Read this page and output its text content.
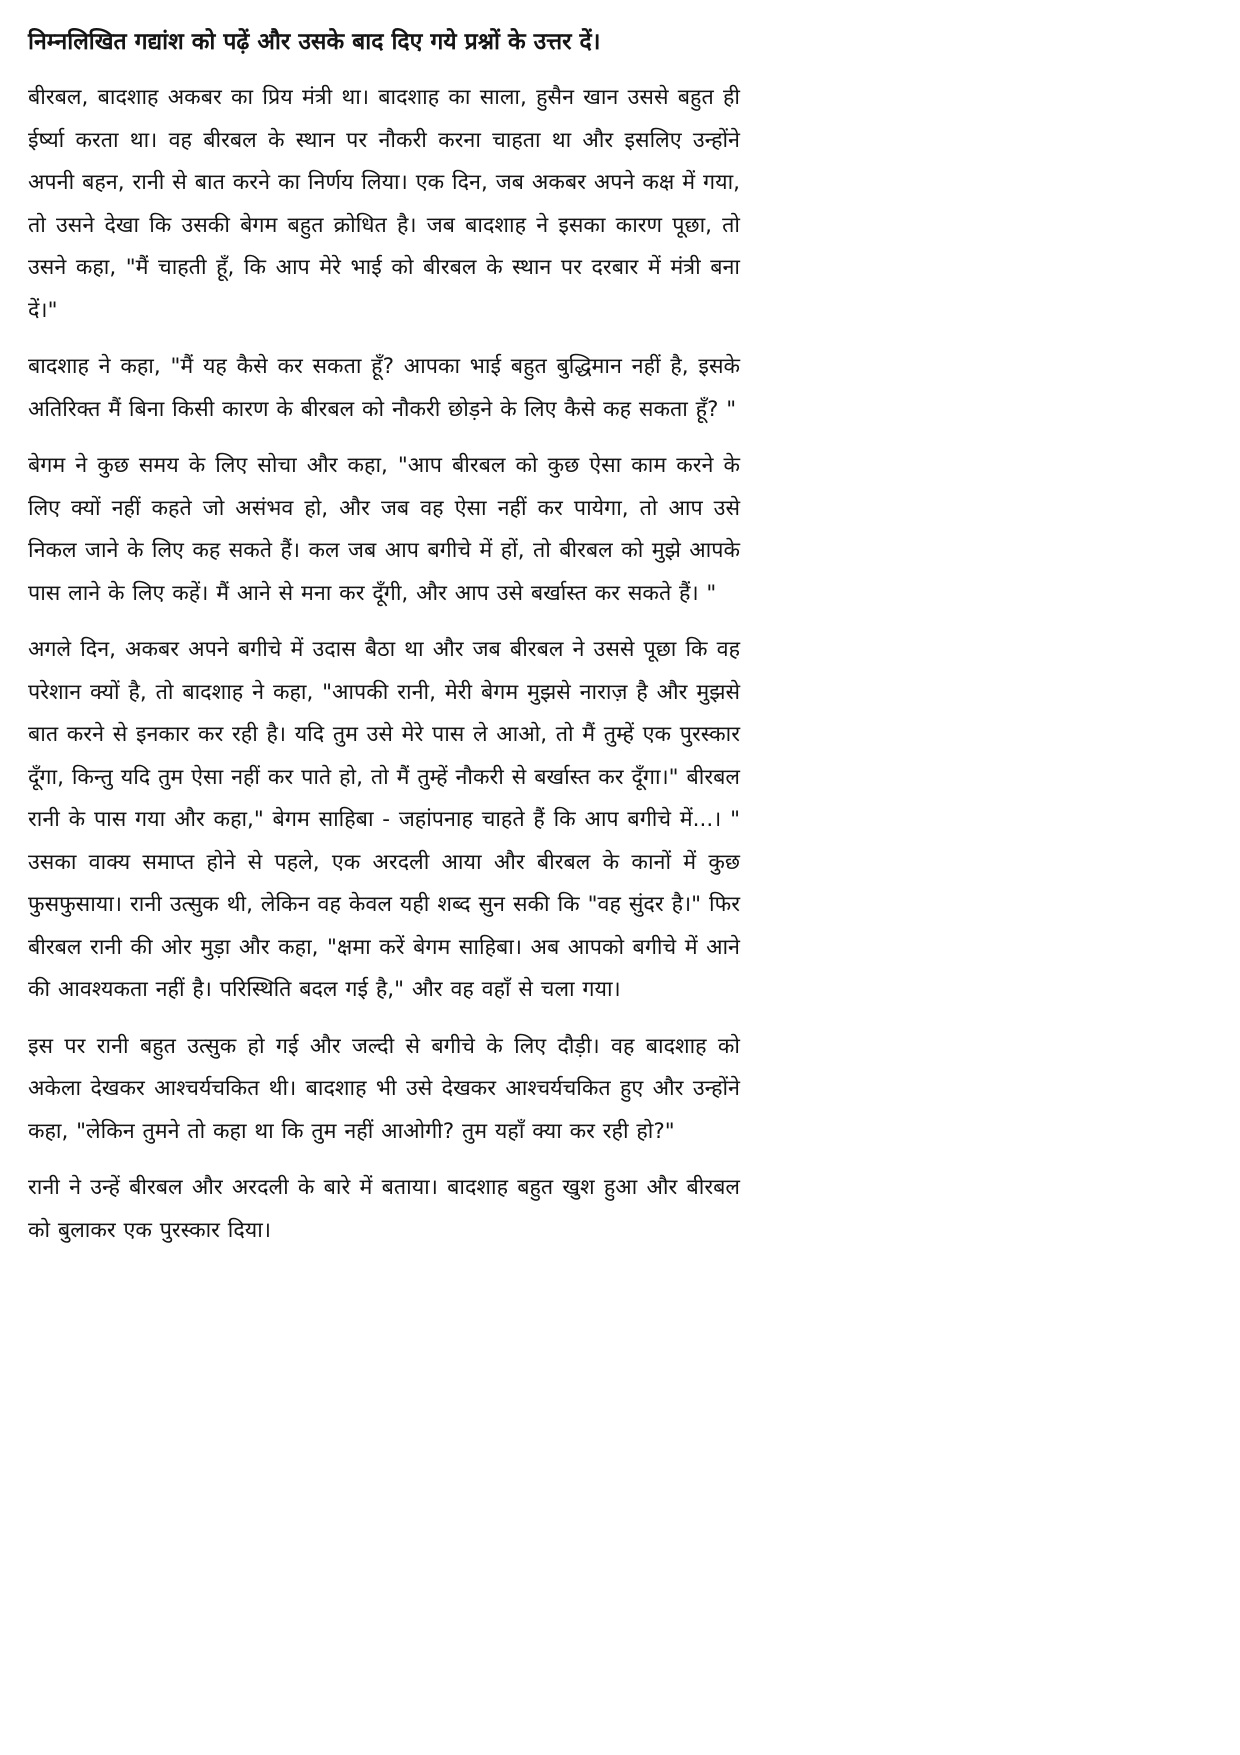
निम्नलिखित गद्यांश को पढ़ें और उसके बाद दिए गये प्रश्नों के उत्तर दें।

बीरबल, बादशाह अकबर का प्रिय मंत्री था। बादशाह का साला, हुसैन खान उससे बहुत ही ईर्ष्या करता था। वह बीरबल के स्थान पर नौकरी करना चाहता था और इसलिए उन्होंने अपनी बहन, रानी से बात करने का निर्णय लिया। एक दिन, जब अकबर अपने कक्ष में गया, तो उसने देखा कि उसकी बेगम बहुत क्रोधित है। जब बादशाह ने इसका कारण पूछा, तो उसने कहा, "मैं चाहती हूँ, कि आप मेरे भाई को बीरबल के स्थान पर दरबार में मंत्री बना दें।"

बादशाह ने कहा, "मैं यह कैसे कर सकता हूँ? आपका भाई बहुत बुद्धिमान नहीं है, इसके अतिरिक्त मैं बिना किसी कारण के बीरबल को नौकरी छोड़ने के लिए कैसे कह सकता हूँ? "

बेगम ने कुछ समय के लिए सोचा और कहा, "आप बीरबल को कुछ ऐसा काम करने के लिए क्यों नहीं कहते जो असंभव हो, और जब वह ऐसा नहीं कर पायेगा, तो आप उसे निकल जाने के लिए कह सकते हैं। कल जब आप बगीचे में हों, तो बीरबल को मुझे आपके पास लाने के लिए कहें। मैं आने से मना कर दूँगी, और आप उसे बर्खास्त कर सकते हैं। "

अगले दिन, अकबर अपने बगीचे में उदास बैठा था और जब बीरबल ने उससे पूछा कि वह परेशान क्यों है, तो बादशाह ने कहा, "आपकी रानी, मेरी बेगम मुझसे नाराज़ है और मुझसे बात करने से इनकार कर रही है। यदि तुम उसे मेरे पास ले आओ, तो मैं तुम्हें एक पुरस्कार दूँगा, किन्तु यदि तुम ऐसा नहीं कर पाते हो, तो मैं तुम्हें नौकरी से बर्खास्त कर दूँगा।" बीरबल रानी के पास गया और कहा," बेगम साहिबा - जहांपनाह चाहते हैं कि आप बगीचे में...। " उसका वाक्य समाप्त होने से पहले, एक अरदली आया और बीरबल के कानों में कुछ फुसफुसाया। रानी उत्सुक थी, लेकिन वह केवल यही शब्द सुन सकी कि "वह सुंदर है।" फिर बीरबल रानी की ओर मुड़ा और कहा, "क्षमा करें बेगम साहिबा। अब आपको बगीचे में आने की आवश्यकता नहीं है। परिस्थिति बदल गई है," और वह वहाँ से चला गया।

इस पर रानी बहुत उत्सुक हो गई और जल्दी से बगीचे के लिए दौड़ी। वह बादशाह को अकेला देखकर आश्चर्यचकित थी। बादशाह भी उसे देखकर आश्चर्यचकित हुए और उन्होंने कहा, "लेकिन तुमने तो कहा था कि तुम नहीं आओगी? तुम यहाँ क्या कर रही हो?"

रानी ने उन्हें बीरबल और अरदली के बारे में बताया। बादशाह बहुत खुश हुआ और बीरबल को बुलाकर एक पुरस्कार दिया।
